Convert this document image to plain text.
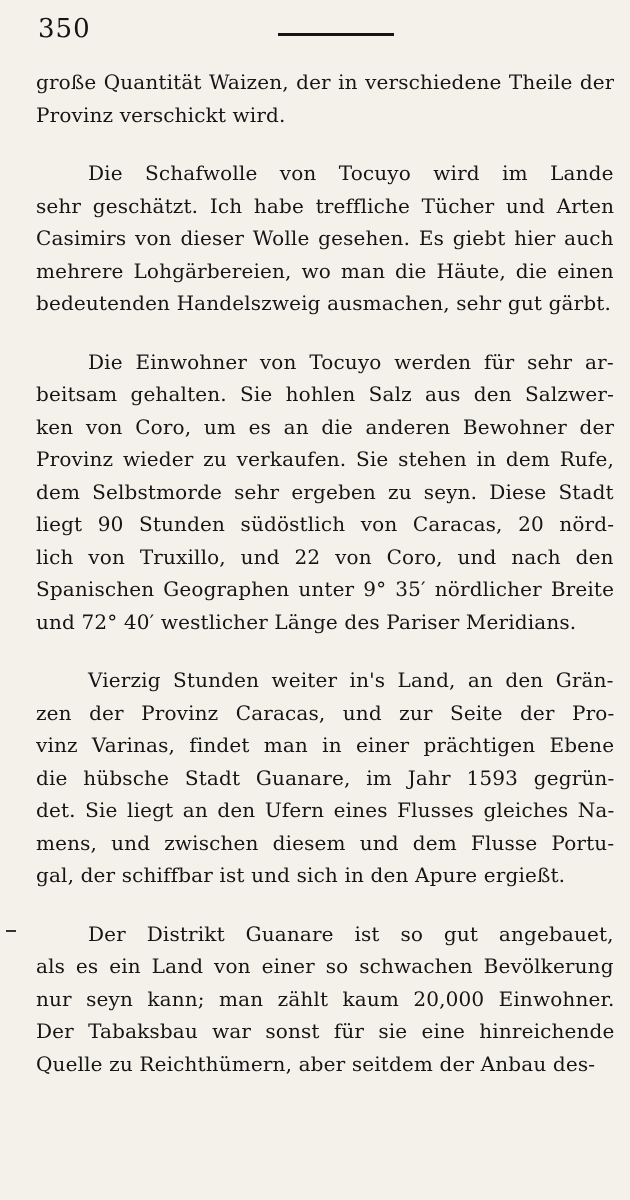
350
große Quantität Waizen, der in verschiedene Theile der
Provinz verschickt wird.
Die Schafwolle von Tocuyo wird im Lande
sehr geschätzt. Ich habe treffliche Tücher und Arten
Casimirs von dieser Wolle gesehen. Es giebt hier auch
mehrere Lohgärbereien, wo man die Häute, die einen
bedeutenden Handelszweig ausmachen, sehr gut gärbt.
Die Einwohner von Tocuyo werden für sehr ar-
beitsam gehalten. Sie hohlen Salz aus den Salzwer-
ken von Coro, um es an die anderen Bewohner der
Provinz wieder zu verkaufen. Sie stehen in dem Rufe,
dem Selbstmorde sehr ergeben zu seyn. Diese Stadt
liegt 90 Stunden südöstlich von Caracas, 20 nörd-
lich von Truxillo, und 22 von Coro, und nach den
Spanischen Geographen unter 9° 35′ nördlicher Breite
und 72° 40′ westlicher Länge des Pariser Meridians.
Vierzig Stunden weiter in's Land, an den Grän-
zen der Provinz Caracas, und zur Seite der Pro-
vinz Varinas, findet man in einer prächtigen Ebene
die hübsche Stadt Guanare, im Jahr 1593 gegrün-
det. Sie liegt an den Ufern eines Flusses gleiches Na-
mens, und zwischen diesem und dem Flusse Portu-
gal, der schiffbar ist und sich in den Apure ergießt.
Der Distrikt Guanare ist so gut angebauet,
als es ein Land von einer so schwachen Bevölkerung
nur seyn kann; man zählt kaum 20,000 Einwohner.
Der Tabaksbau war sonst für sie eine hinreichende
Quelle zu Reichthümern, aber seitdem der Anbau des-
